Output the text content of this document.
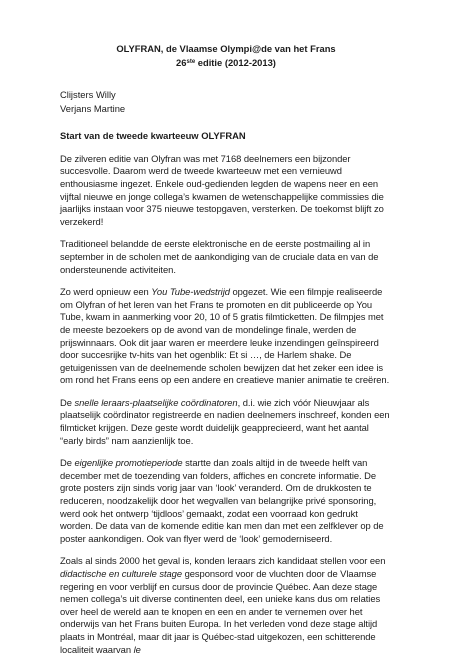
OLYFRAN, de Vlaamse Olympi@de van het Frans
26ste editie (2012-2013)
Clijsters Willy
Verjans Martine
Start van de tweede kwarteeuw OLYFRAN

De zilveren editie van Olyfran was met 7168 deelnemers een bijzonder succesvolle. Daarom werd de tweede kwarteeuw met een vernieuwd enthousiasme ingezet. Enkele oud-gedienden legden de wapens neer en een vijftal nieuwe en jonge collega’s kwamen de wetenschappelijke commissies die jaarlijks instaan voor 375 nieuwe testopgaven, versterken. De toekomst blijft zo verzekerd!

Traditioneel belandde de eerste elektronische en de eerste postmailing al in september in de scholen met de aankondiging van de cruciale data en van de ondersteunende activiteiten.

Zo werd opnieuw een You Tube-wedstrijd opgezet. Wie een filmpje realiseerde om Olyfran of het leren van het Frans te promoten en dit publiceerde op You Tube, kwam in aanmerking voor 20, 10 of 5 gratis filmticketten. De filmpjes met de meeste bezoekers op de avond van de mondelinge finale, werden de prijswinnaars. Ook dit jaar waren er meerdere leuke inzendingen geïnspireerd door succesrijke tv-hits van het ogenblik: Et si …, de Harlem shake. De getuigenissen van de deelnemende scholen bewijzen dat het zeker een idee is om rond het Frans eens op een andere en creatieve manier animatie te creëren.

De snelle leraars-plaatselijke coördinatoren, d.i. wie zich vóór Nieuwjaar als plaatselijk coördinator registreerde en nadien deelnemers inschreef, konden een filmticket krijgen. Deze geste wordt duidelijk geapprecieerd, want het aantal “early birds” nam aanzienlijk toe.

De eigenlijke promotieperiode startte dan zoals altijd in de tweede helft van december met de toezending van folders, affiches en concrete informatie. De grote posters zijn sinds vorig jaar van ‘look’ veranderd. Om de drukkosten te reduceren, noodzakelijk door het wegvallen van belangrijke privé sponsoring, werd ook het ontwerp ‘tijdloos’ gemaakt, zodat een voorraad kon gedrukt worden. De data van de komende editie kan men dan met een zelfklever op de poster aankondigen. Ook van flyer werd de ‘look’ gemoderniseerd.

Zoals al sinds 2000 het geval is, konden leraars zich kandidaat stellen voor een didactische en culturele stage gesponsord voor de vluchten door de Vlaamse regering en voor verblijf en cursus door de provincie Québec. Aan deze stage nemen collega’s uit diverse continenten deel, een unieke kans dus om relaties over heel de wereld aan te knopen en een en ander te vernemen over het onderwijs van het Frans buiten Europa. In het verleden vond deze stage altijd plaats in Montréal, maar dit jaar is Québec-stad uitgekozen, een schitterende localiteit waarvan le
